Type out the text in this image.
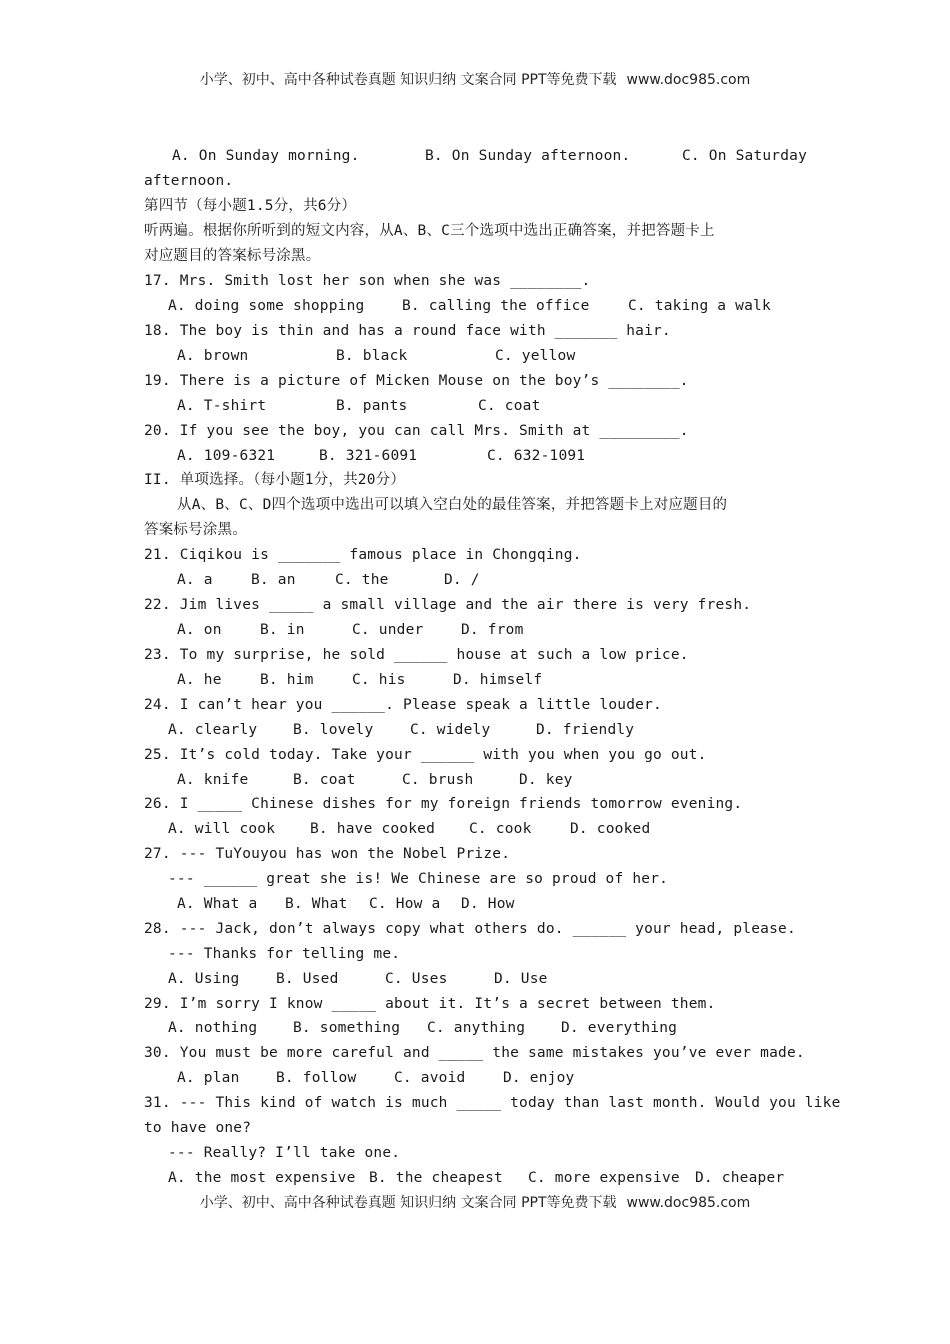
小学、初中、高中各种试卷真题 知识归纳 文案合同 PPT等免费下载 www.doc985.com
A. On Sunday morning.	B. On Sunday afternoon.	C. On Saturday
afternoon.
第四节（每小题1.5分，共6分）
听两遍。根据你所听到的短文内容，从A、B、C三个选项中选出正确答案，并把答题卡上
对应题目的答案标号涂黑。
17. Mrs. Smith lost her son when she was ________.
A. doing some shopping	B. calling the office	C. taking a walk
18. The boy is thin and has a round face with _______ hair.
A. brown	B. black	C. yellow
19. There is a picture of Micken Mouse on the boy’s ________.
A. T-shirt	B. pants	C. coat
20. If you see the boy, you can call Mrs. Smith at _________.
A. 109-6321	B. 321-6091	C. 632-1091
II. 单项选择。（每小题1分，共20分）
从A、B、C、D四个选项中选出可以填入空白处的最佳答案，并把答题卡上对应题目的
答案标号涂黑。
21. Ciqikou is _______ famous place in Chongqing.
A. a	B. an	C. the	D. /
22. Jim lives _____ a small village and the air there is very fresh.
A. on	B. in	C. under	D. from
23. To my surprise, he sold ______ house at such a low price.
A. he	B. him	C. his	D. himself
24. I can’t hear you ______. Please speak a little louder.
A. clearly B. lovely	C. widely	D. friendly
25. It’s cold today. Take your ______ with you when you go out.
A. knife	B. coat	C. brush	D. key
26. I _____ Chinese dishes for my foreign friends tomorrow evening.
A. will cook B. have cooked C. cook	D. cooked
27. --- TuYouyou has won the Nobel Prize.
--- ______ great she is! We Chinese are so proud of her.
A. What a B. What C. How a D. How
28. --- Jack, don’t always copy what others do. ______ your head, please.
--- Thanks for telling me.
A. Using	B. Used	C. Uses	D. Use
29. I’m sorry I know _____ about it. It’s a secret between them.
A. nothing B. something C. anything D. everything
30. You must be more careful and _____ the same mistakes you’ve ever made.
A. plan	B. follow	C. avoid	D. enjoy
31. --- This kind of watch is much _____ today than last month. Would you like
to have one?
--- Really? I’ll take one.
A. the most expensive B. the cheapest C. more expensive D. cheaper
小学、初中、高中各种试卷真题 知识归纳 文案合同 PPT等免费下载 www.doc985.com
